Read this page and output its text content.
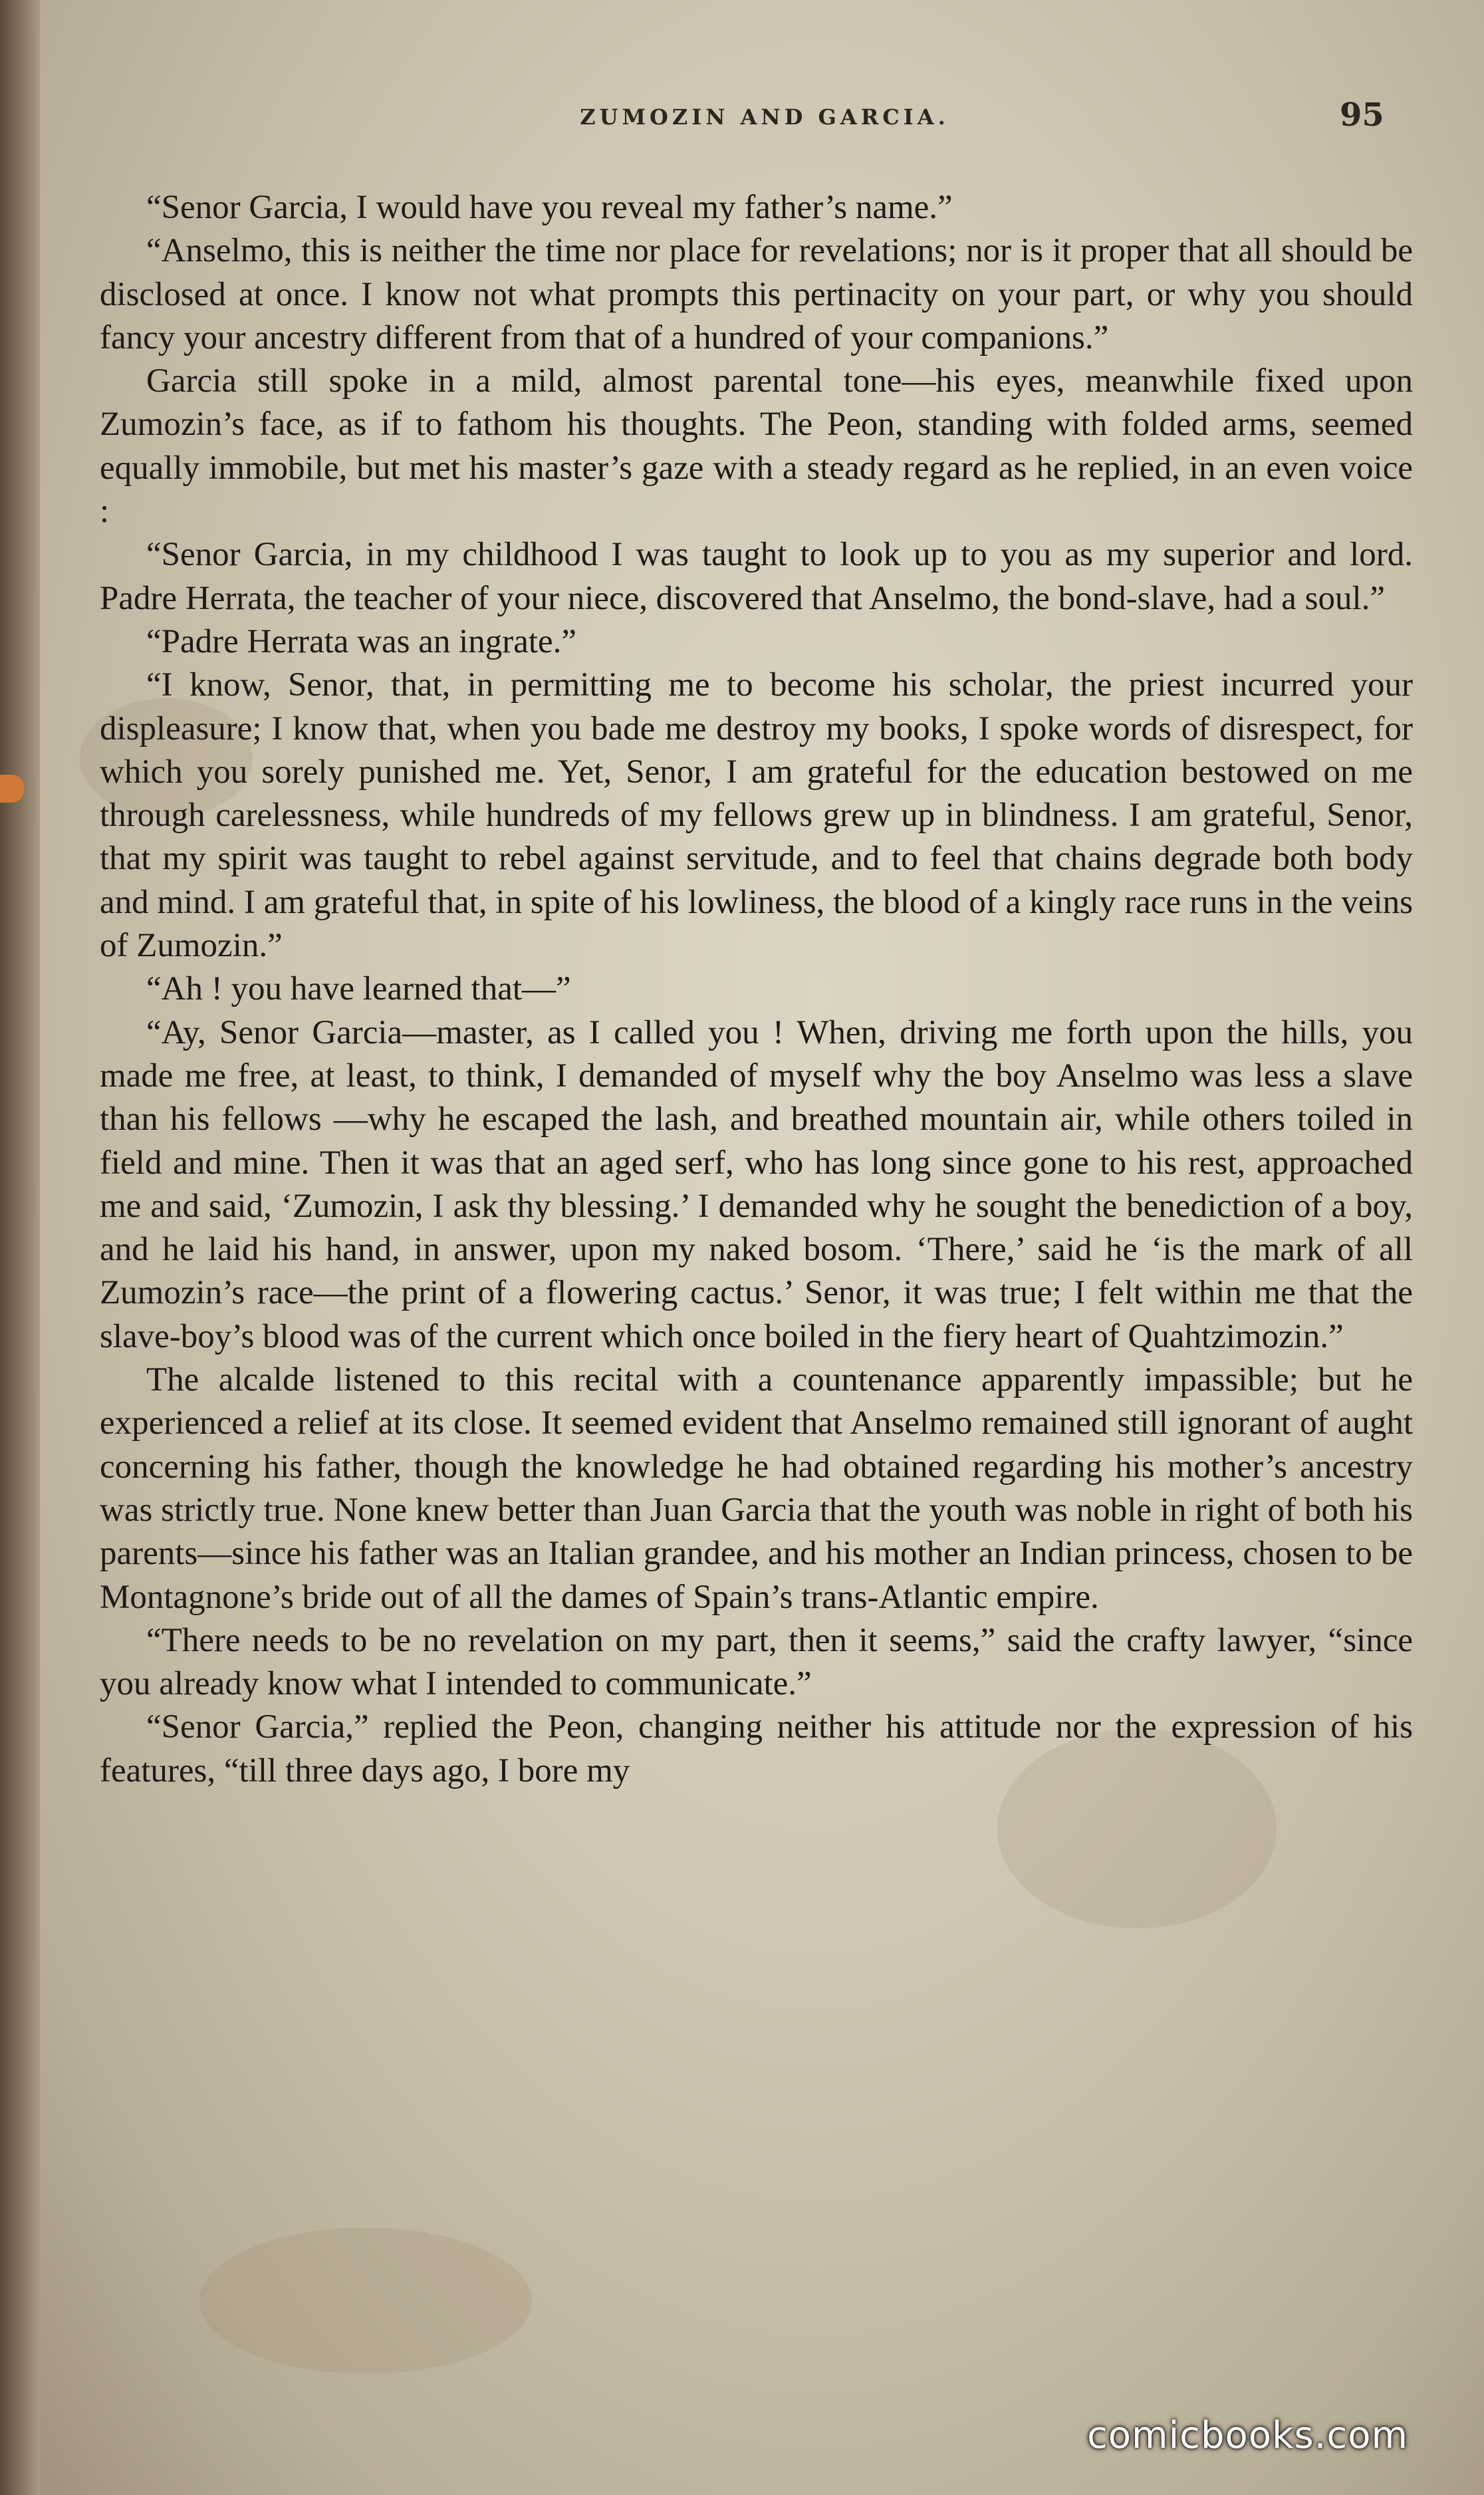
ZUMOZIN AND GARCIA.	95

“Senor Garcia, I would have you reveal my father’s name.”

“Anselmo, this is neither the time nor place for revelations; nor is it proper that all should be disclosed at once. I know not what prompts this pertinacity on your part, or why you should fancy your ancestry different from that of a hundred of your companions.”

Garcia still spoke in a mild, almost parental tone—his eyes, meanwhile fixed upon Zumozin’s face, as if to fathom his thoughts. The Peon, standing with folded arms, seemed equally immobile, but met his master’s gaze with a steady regard as he replied, in an even voice :

“Senor Garcia, in my childhood I was taught to look up to you as my superior and lord. Padre Herrata, the teacher of your niece, discovered that Anselmo, the bond-slave, had a soul.”

“Padre Herrata was an ingrate.”

“I know, Senor, that, in permitting me to become his scholar, the priest incurred your displeasure; I know that, when you bade me destroy my books, I spoke words of disrespect, for which you sorely punished me. Yet, Senor, I am grateful for the education bestowed on me through carelessness, while hundreds of my fellows grew up in blindness. I am grateful, Senor, that my spirit was taught to rebel against servitude, and to feel that chains degrade both body and mind. I am grateful that, in spite of his lowliness, the blood of a kingly race runs in the veins of Zumozin.”

“Ah ! you have learned that—”

“Ay, Senor Garcia—master, as I called you ! When, driving me forth upon the hills, you made me free, at least, to think, I demanded of myself why the boy Anselmo was less a slave than his fellows —why he escaped the lash, and breathed mountain air, while others toiled in field and mine. Then it was that an aged serf, who has long since gone to his rest, approached me and said, ‘Zumozin, I ask thy blessing.’ I demanded why he sought the benediction of a boy, and he laid his hand, in answer, upon my naked bosom. ‘There,’ said he ‘is the mark of all Zumozin’s race—the print of a flowering cactus.’ Senor, it was true; I felt within me that the slave-boy’s blood was of the current which once boiled in the fiery heart of Quahtzimozin.”

The alcalde listened to this recital with a countenance apparently impassible; but he experienced a relief at its close. It seemed evident that Anselmo remained still ignorant of aught concerning his father, though the knowledge he had obtained regarding his mother’s ancestry was strictly true. None knew better than Juan Garcia that the youth was noble in right of both his parents—since his father was an Italian grandee, and his mother an Indian princess, chosen to be Montagnone’s bride out of all the dames of Spain’s trans-Atlantic empire.

“There needs to be no revelation on my part, then it seems,” said the crafty lawyer, “since you already know what I intended to communicate.”

“Senor Garcia,” replied the Peon, changing neither his attitude nor the expression of his features, “till three days ago, I bore my

comicbooks.com
